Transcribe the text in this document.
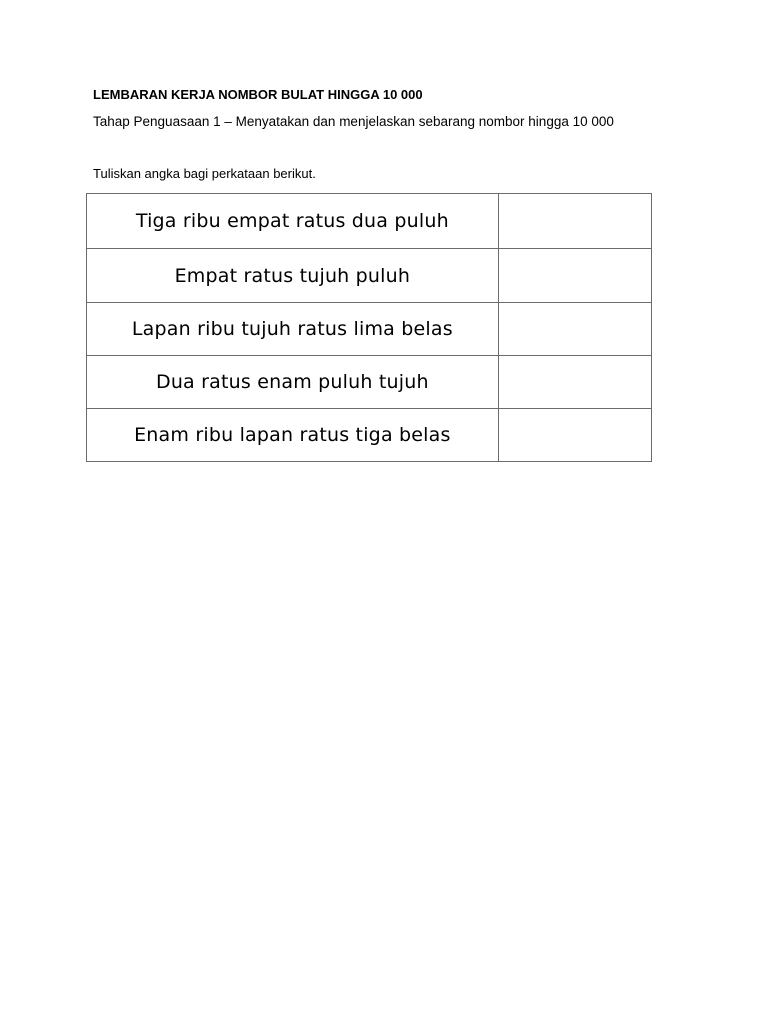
LEMBARAN KERJA NOMBOR BULAT HINGGA 10 000
Tahap Penguasaan 1 – Menyatakan dan menjelaskan sebarang nombor hingga 10 000
Tuliskan angka bagi perkataan berikut.
Tiga ribu empat ratus dua puluh	
Empat ratus tujuh puluh	
Lapan ribu tujuh ratus lima belas	
Dua ratus enam puluh tujuh	
Enam ribu lapan ratus tiga belas	
